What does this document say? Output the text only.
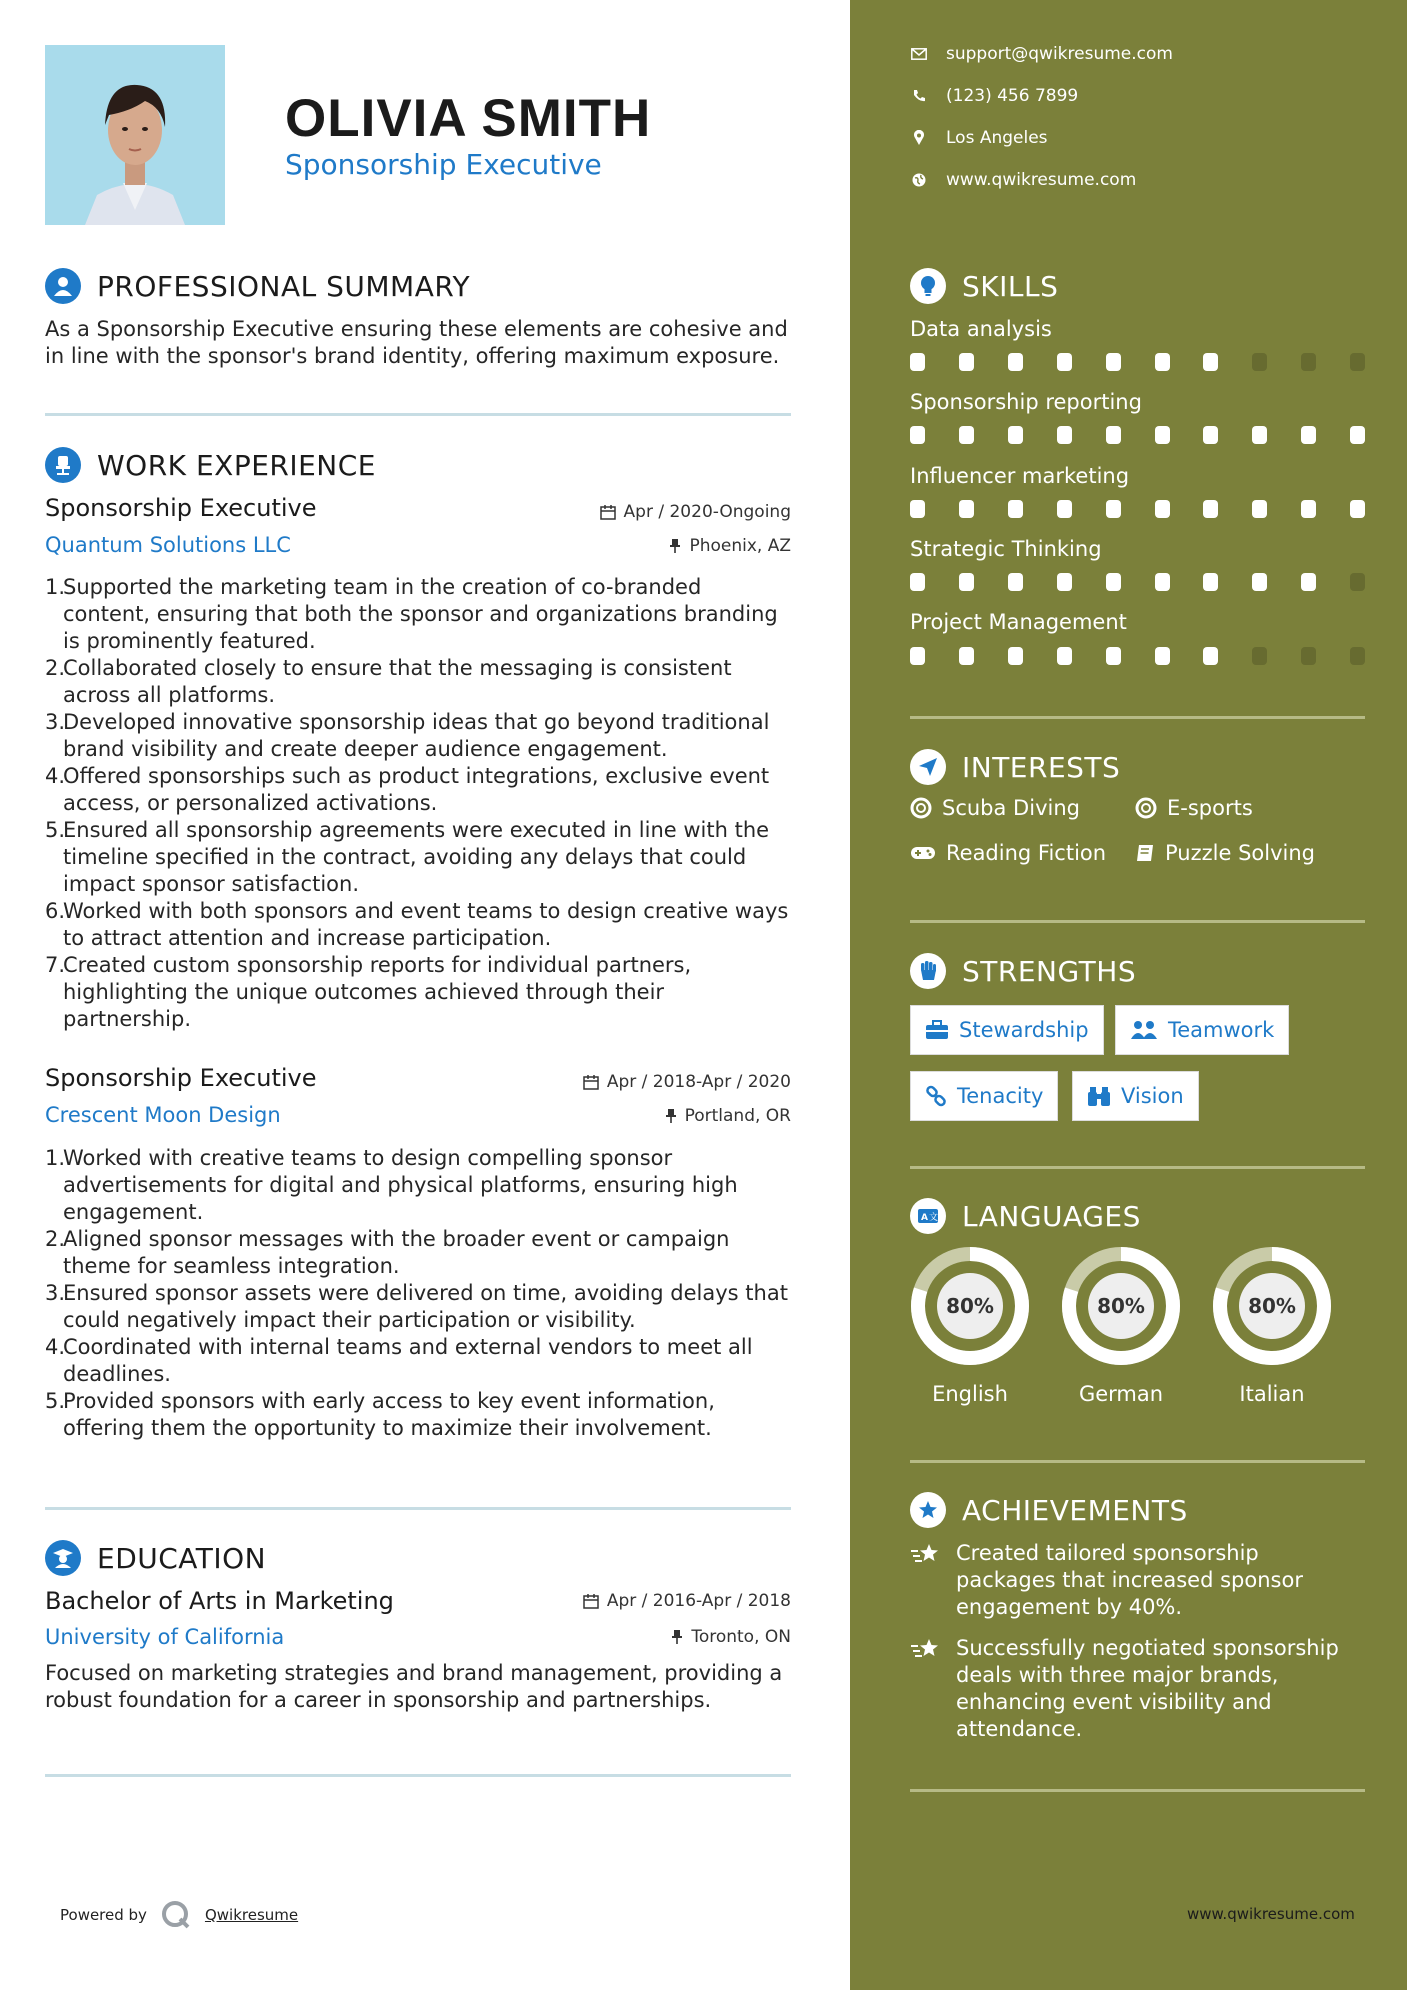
OLIVIA SMITH
Sponsorship Executive
PROFESSIONAL SUMMARY
As a Sponsorship Executive ensuring these elements are cohesive and in line with the sponsor's brand identity, offering maximum exposure.
WORK EXPERIENCE
Sponsorship Executive	Apr / 2020-Ongoing
Quantum Solutions LLC	Phoenix, AZ
1.
Supported the marketing team in the creation of co-branded content, ensuring that both the sponsor and organizations branding is prominently featured.
2.
Collaborated closely to ensure that the messaging is consistent across all platforms.
3.
Developed innovative sponsorship ideas that go beyond traditional brand visibility and create deeper audience engagement.
4.
Offered sponsorships such as product integrations, exclusive event access, or personalized activations.
5.
Ensured all sponsorship agreements were executed in line with the timeline specified in the contract, avoiding any delays that could impact sponsor satisfaction.
6.
Worked with both sponsors and event teams to design creative ways to attract attention and increase participation.
7.
Created custom sponsorship reports for individual partners, highlighting the unique outcomes achieved through their partnership.
Sponsorship Executive	Apr / 2018-Apr / 2020
Crescent Moon Design	Portland, OR
1.
Worked with creative teams to design compelling sponsor advertisements for digital and physical platforms, ensuring high engagement.
2.
Aligned sponsor messages with the broader event or campaign theme for seamless integration.
3.
Ensured sponsor assets were delivered on time, avoiding delays that could negatively impact their participation or visibility.
4.
Coordinated with internal teams and external vendors to meet all deadlines.
5.
Provided sponsors with early access to key event information, offering them the opportunity to maximize their involvement.
EDUCATION
Bachelor of Arts in Marketing	Apr / 2016-Apr / 2018
University of California	Toronto, ON
Focused on marketing strategies and brand management, providing a robust foundation for a career in sponsorship and partnerships.
Powered by	Qwikresume
support@qwikresume.com
(123) 456 7899
Los Angeles
www.qwikresume.com
SKILLS
Data analysis
Sponsorship reporting
Influencer marketing
Strategic Thinking
Project Management
INTERESTS
Scuba Diving	E-sports
Reading Fiction	Puzzle Solving
STRENGTHS
Stewardship	Teamwork
Tenacity	Vision
A 文 LANGUAGES
80%	80%	80%
English	German	Italian
ACHIEVEMENTS
Created tailored sponsorship packages that increased sponsor engagement by 40%.
Successfully negotiated sponsorship deals with three major brands, enhancing event visibility and attendance.
www.qwikresume.com
